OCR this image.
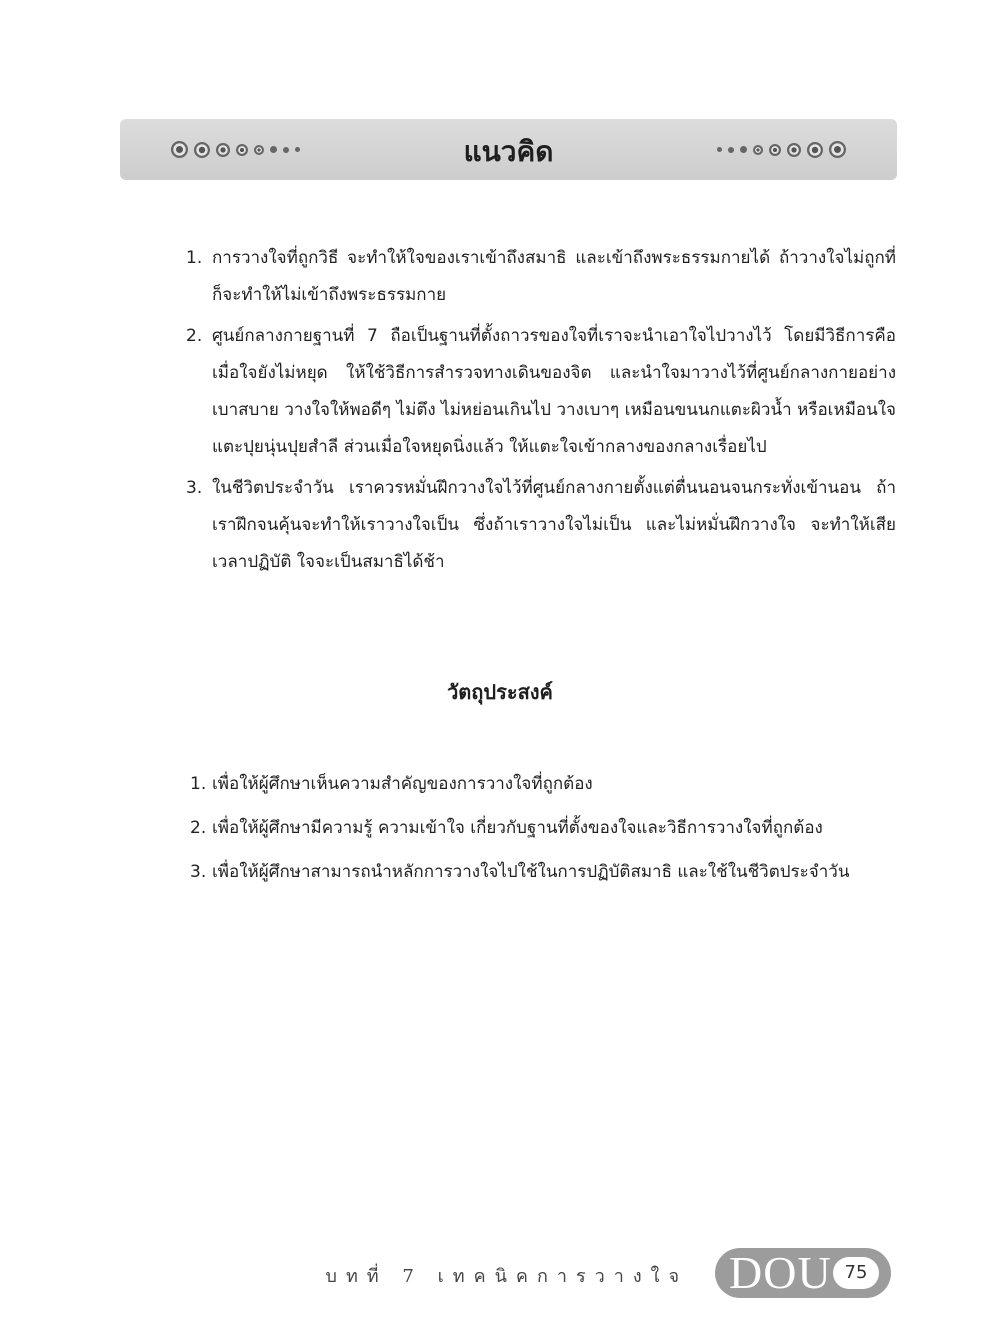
แนวคิด
1. การวางใจที่ถูกวิธี จะทำให้ใจของเราเข้าถึงสมาธิ และเข้าถึงพระธรรมกายได้ ถ้าวางใจไม่ถูกที่ ก็จะทำให้ไม่เข้าถึงพระธรรมกาย
2. ศูนย์กลางกายฐานที่ 7 ถือเป็นฐานที่ตั้งถาวรของใจที่เราจะนำเอาใจไปวางไว้ โดยมีวิธีการคือ เมื่อใจยังไม่หยุด ให้ใช้วิธีการสำรวจทางเดินของจิต และนำใจมาวางไว้ที่ศูนย์กลางกายอย่างเบาสบาย วางใจให้พอดีๆ ไม่ตึง ไม่หย่อนเกินไป วางเบาๆ เหมือนขนนกแตะผิวน้ำ หรือเหมือนใจแตะปุยนุ่นปุยสำลี ส่วนเมื่อใจหยุดนิ่งแล้ว ให้แตะใจเข้ากลางของกลางเรื่อยไป
3. ในชีวิตประจำวัน เราควรหมั่นฝึกวางใจไว้ที่ศูนย์กลางกายตั้งแต่ตื่นนอนจนกระทั่งเข้านอน ถ้าเราฝึกจนคุ้นจะทำให้เราวางใจเป็น ซึ่งถ้าเราวางใจไม่เป็น และไม่หมั่นฝึกวางใจ จะทำให้เสียเวลาปฏิบัติ ใจจะเป็นสมาธิได้ช้า
วัตถุประสงค์
1. เพื่อให้ผู้ศึกษาเห็นความสำคัญของการวางใจที่ถูกต้อง
2. เพื่อให้ผู้ศึกษามีความรู้ ความเข้าใจ เกี่ยวกับฐานที่ตั้งของใจและวิธีการวางใจที่ถูกต้อง
3. เพื่อให้ผู้ศึกษาสามารถนำหลักการวางใจไปใช้ในการปฏิบัติสมาธิ และใช้ในชีวิตประจำวัน
บทที่ 7 เทคนิคการวางใจ DOU 75
